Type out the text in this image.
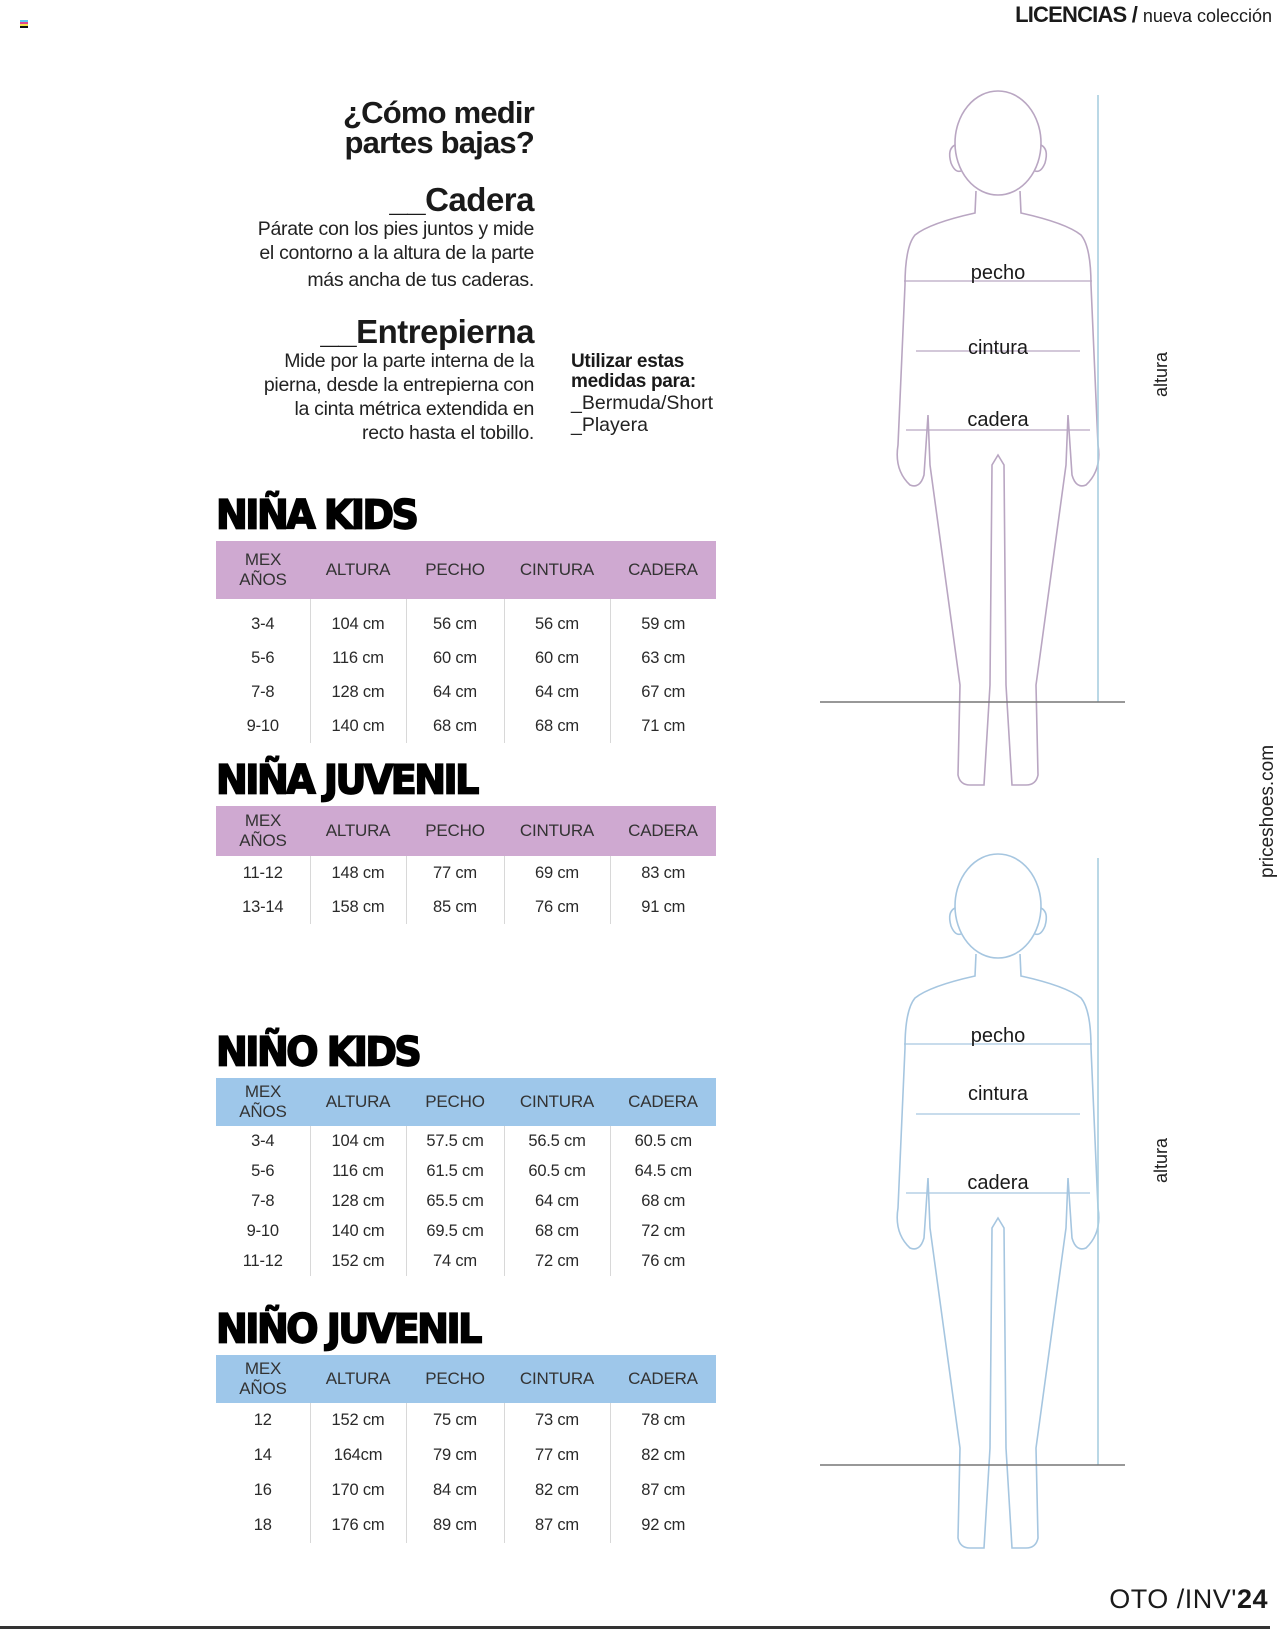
LICENCIAS / nueva colección
¿Cómo medir
partes bajas?
__Cadera
Párate con los pies juntos y mide
el contorno a la altura de la parte
más ancha de tus caderas.
__Entrepierna
Mide por la parte interna de la
pierna, desde la entrepierna con
la cinta métrica extendida en
recto hasta el tobillo.
Utilizar estas
medidas para:
_Bermuda/Short
_Playera
NIÑA KIDS
NIÑA JUVENIL
NIÑO KIDS
NIÑO JUVENIL
MEX
AÑOS	ALTURA	PECHO	CINTURA	CADERA
3-4	104 cm	56 cm	56 cm	59 cm
5-6	116 cm	60 cm	60 cm	63 cm
7-8	128 cm	64 cm	64 cm	67 cm
9-10	140 cm	68 cm	68 cm	71 cm
MEX
AÑOS	ALTURA	PECHO	CINTURA	CADERA
11-12	148 cm	77 cm	69 cm	83 cm
13-14	158 cm	85 cm	76 cm	91 cm
MEX
AÑOS	ALTURA	PECHO	CINTURA	CADERA
3-4	104 cm	57.5 cm	56.5 cm	60.5 cm
5-6	116 cm	61.5 cm	60.5 cm	64.5 cm
7-8	128 cm	65.5 cm	64 cm	68 cm
9-10	140 cm	69.5 cm	68 cm	72 cm
11-12	152 cm	74 cm	72 cm	76 cm
MEX
AÑOS	ALTURA	PECHO	CINTURA	CADERA
12	152 cm	75 cm	73 cm	78 cm
14	164cm	79 cm	77 cm	82 cm
16	170 cm	84 cm	82 cm	87 cm
18	176 cm	89 cm	87 cm	92 cm
pecho
cintura
cadera
altura
pecho
cintura
cadera	altura
priceshoes.com
OTO /INV'24
